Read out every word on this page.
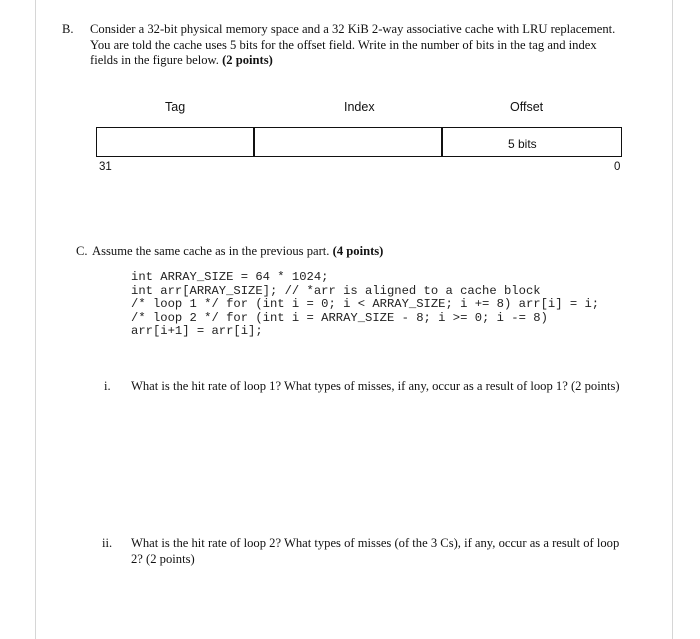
B. Consider a 32-bit physical memory space and a 32 KiB 2-way associative cache with LRU replacement.
You are told the cache uses 5 bits for the offset field. Write in the number of bits in the tag and index
fields in the figure below. (2 points)
Tag	Index	Offset
5 bits
31	0
C. Assume the same cache as in the previous part. (4 points)
int ARRAY_SIZE = 64 * 1024;
int arr[ARRAY_SIZE]; // *arr is aligned to a cache block
/* loop 1 */ for (int i = 0; i < ARRAY_SIZE; i += 8) arr[i] = i;
/* loop 2 */ for (int i = ARRAY_SIZE - 8; i >= 0; i -= 8)
arr[i+1] = arr[i];
i. What is the hit rate of loop 1? What types of misses, if any, occur as a result of loop 1? (2 points)
ii. What is the hit rate of loop 2? What types of misses (of the 3 Cs), if any, occur as a result of loop
2? (2 points)
